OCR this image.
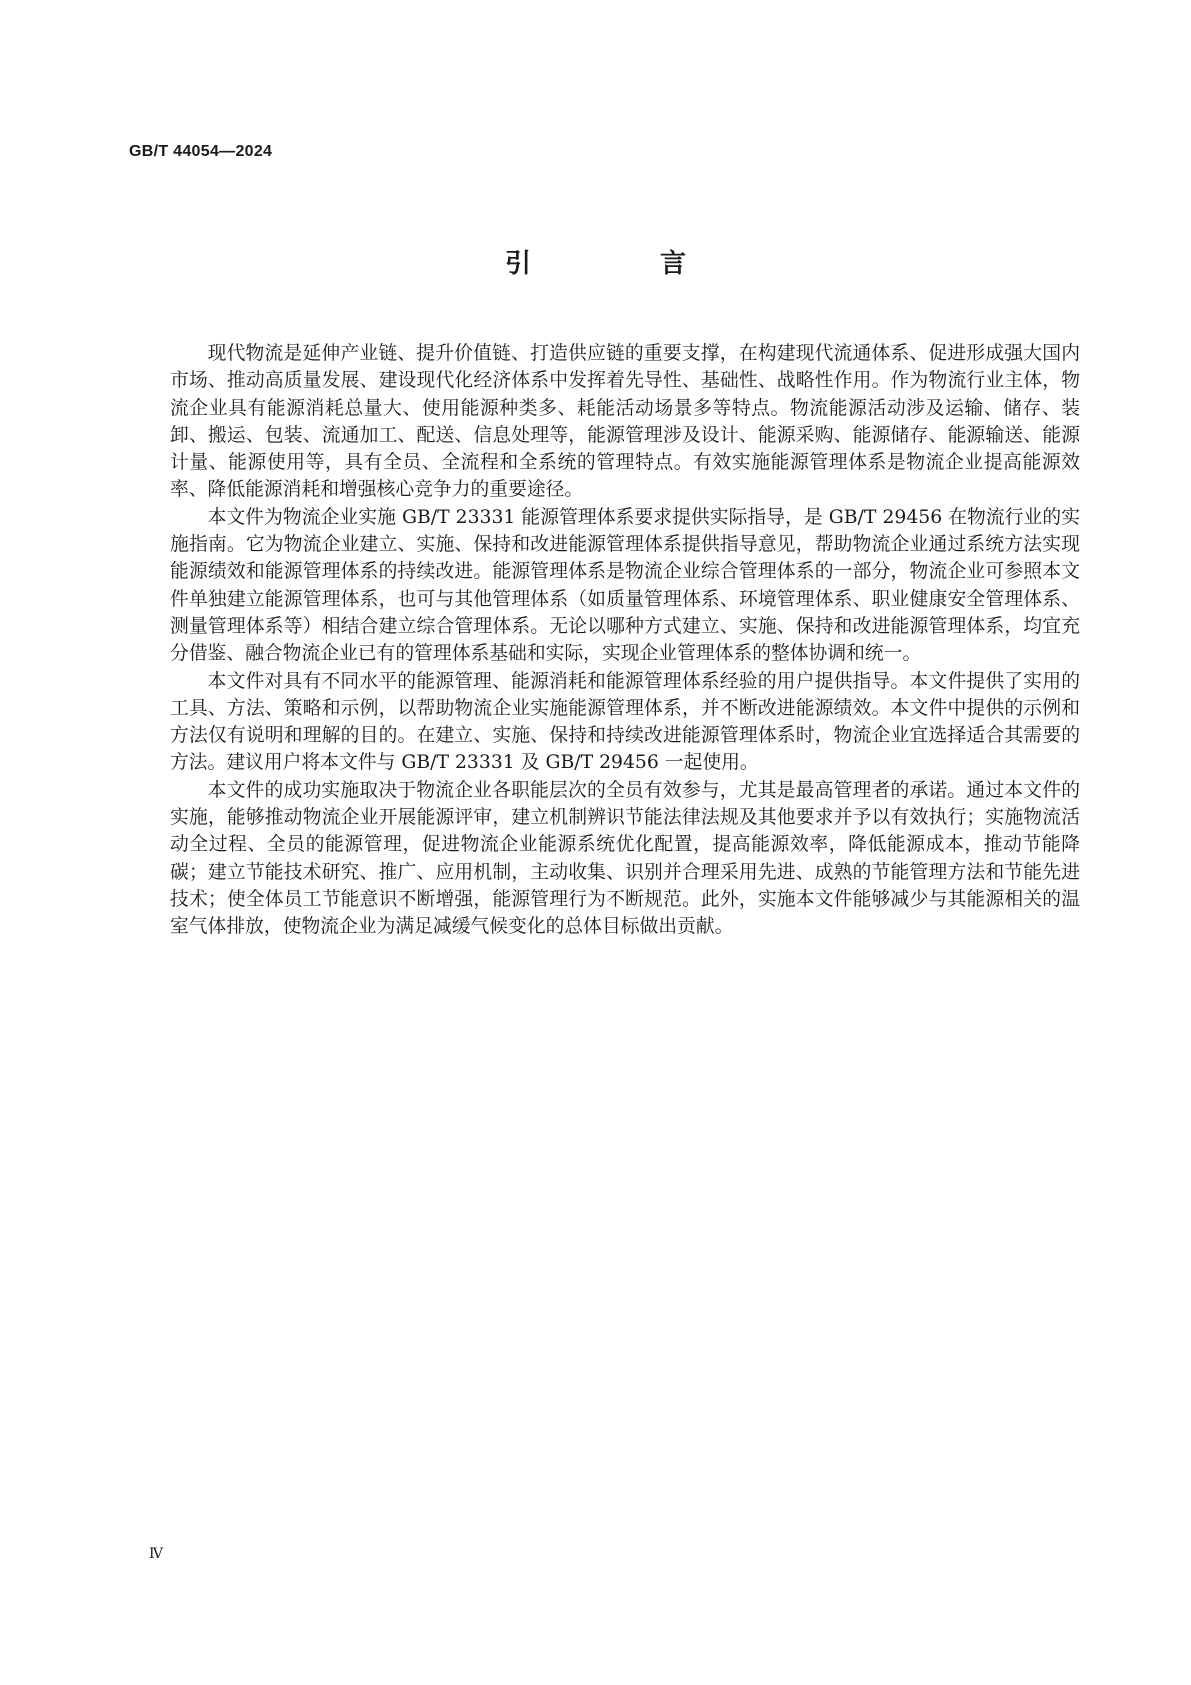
GB/T 44054—2024
引 言

现代物流是延伸产业链、提升价值链、打造供应链的重要支撑，在构建现代流通体系、促进形成强大国内市场、推动高质量发展、建设现代化经济体系中发挥着先导性、基础性、战略性作用。作为物流行业主体，物流企业具有能源消耗总量大、使用能源种类多、耗能活动场景多等特点。物流能源活动涉及运输、储存、装卸、搬运、包装、流通加工、配送、信息处理等，能源管理涉及设计、能源采购、能源储存、能源输送、能源计量、能源使用等，具有全员、全流程和全系统的管理特点。有效实施能源管理体系是物流企业提高能源效率、降低能源消耗和增强核心竞争力的重要途径。

本文件为物流企业实施 GB/T 23331 能源管理体系要求提供实际指导，是 GB/T 29456 在物流行业的实施指南。它为物流企业建立、实施、保持和改进能源管理体系提供指导意见，帮助物流企业通过系统方法实现能源绩效和能源管理体系的持续改进。能源管理体系是物流企业综合管理体系的一部分，物流企业可参照本文件单独建立能源管理体系，也可与其他管理体系（如质量管理体系、环境管理体系、职业健康安全管理体系、测量管理体系等）相结合建立综合管理体系。无论以哪种方式建立、实施、保持和改进能源管理体系，均宜充分借鉴、融合物流企业已有的管理体系基础和实际，实现企业管理体系的整体协调和统一。

本文件对具有不同水平的能源管理、能源消耗和能源管理体系经验的用户提供指导。本文件提供了实用的工具、方法、策略和示例，以帮助物流企业实施能源管理体系，并不断改进能源绩效。本文件中提供的示例和方法仅有说明和理解的目的。在建立、实施、保持和持续改进能源管理体系时，物流企业宜选择适合其需要的方法。建议用户将本文件与 GB/T 23331 及 GB/T 29456 一起使用。

本文件的成功实施取决于物流企业各职能层次的全员有效参与，尤其是最高管理者的承诺。通过本文件的实施，能够推动物流企业开展能源评审，建立机制辨识节能法律法规及其他要求并予以有效执行；实施物流活动全过程、全员的能源管理，促进物流企业能源系统优化配置，提高能源效率，降低能源成本，推动节能降碳；建立节能技术研究、推广、应用机制，主动收集、识别并合理采用先进、成熟的节能管理方法和节能先进技术；使全体员工节能意识不断增强，能源管理行为不断规范。此外，实施本文件能够减少与其能源相关的温室气体排放，使物流企业为满足减缓气候变化的总体目标做出贡献。

Ⅳ
